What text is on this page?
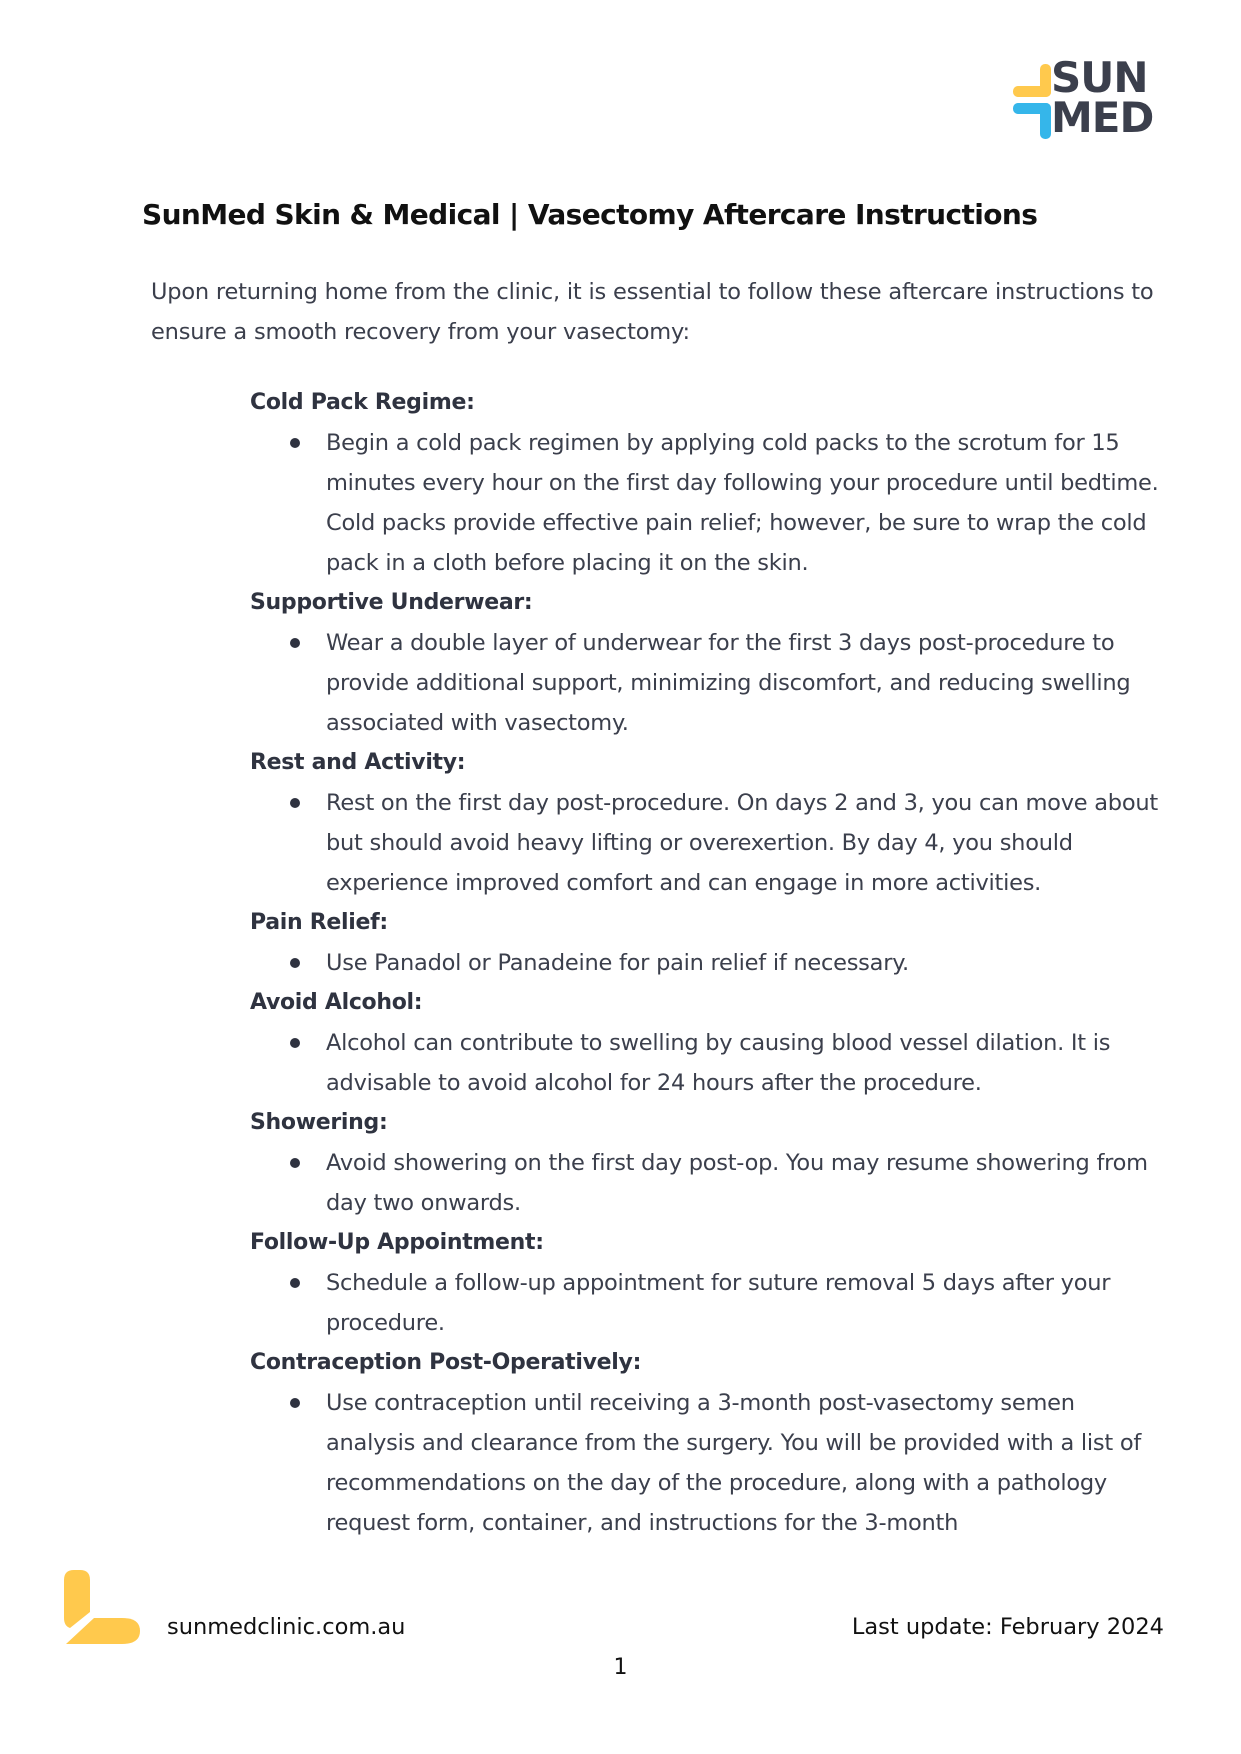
SUN
MED
SunMed Skin & Medical | Vasectomy Aftercare Instructions

Upon returning home from the clinic, it is essential to follow these aftercare instructions to ensure a smooth recovery from your vasectomy:

Cold Pack Regime:
Begin a cold pack regimen by applying cold packs to the scrotum for 15 minutes every hour on the first day following your procedure until bedtime. Cold packs provide effective pain relief; however, be sure to wrap the cold pack in a cloth before placing it on the skin.
Supportive Underwear:
Wear a double layer of underwear for the first 3 days post-procedure to provide additional support, minimizing discomfort, and reducing swelling associated with vasectomy.
Rest and Activity:
Rest on the first day post-procedure. On days 2 and 3, you can move about but should avoid heavy lifting or overexertion. By day 4, you should experience improved comfort and can engage in more activities.
Pain Relief:
Use Panadol or Panadeine for pain relief if necessary.
Avoid Alcohol:
Alcohol can contribute to swelling by causing blood vessel dilation. It is advisable to avoid alcohol for 24 hours after the procedure.
Showering:
Avoid showering on the first day post-op. You may resume showering from day two onwards.
Follow-Up Appointment:
Schedule a follow-up appointment for suture removal 5 days after your procedure.
Contraception Post-Operatively:
Use contraception until receiving a 3-month post-vasectomy semen analysis and clearance from the surgery. You will be provided with a list of recommendations on the day of the procedure, along with a pathology request form, container, and instructions for the 3-month

sunmedclinic.com.au	Last update: February 2024

1
